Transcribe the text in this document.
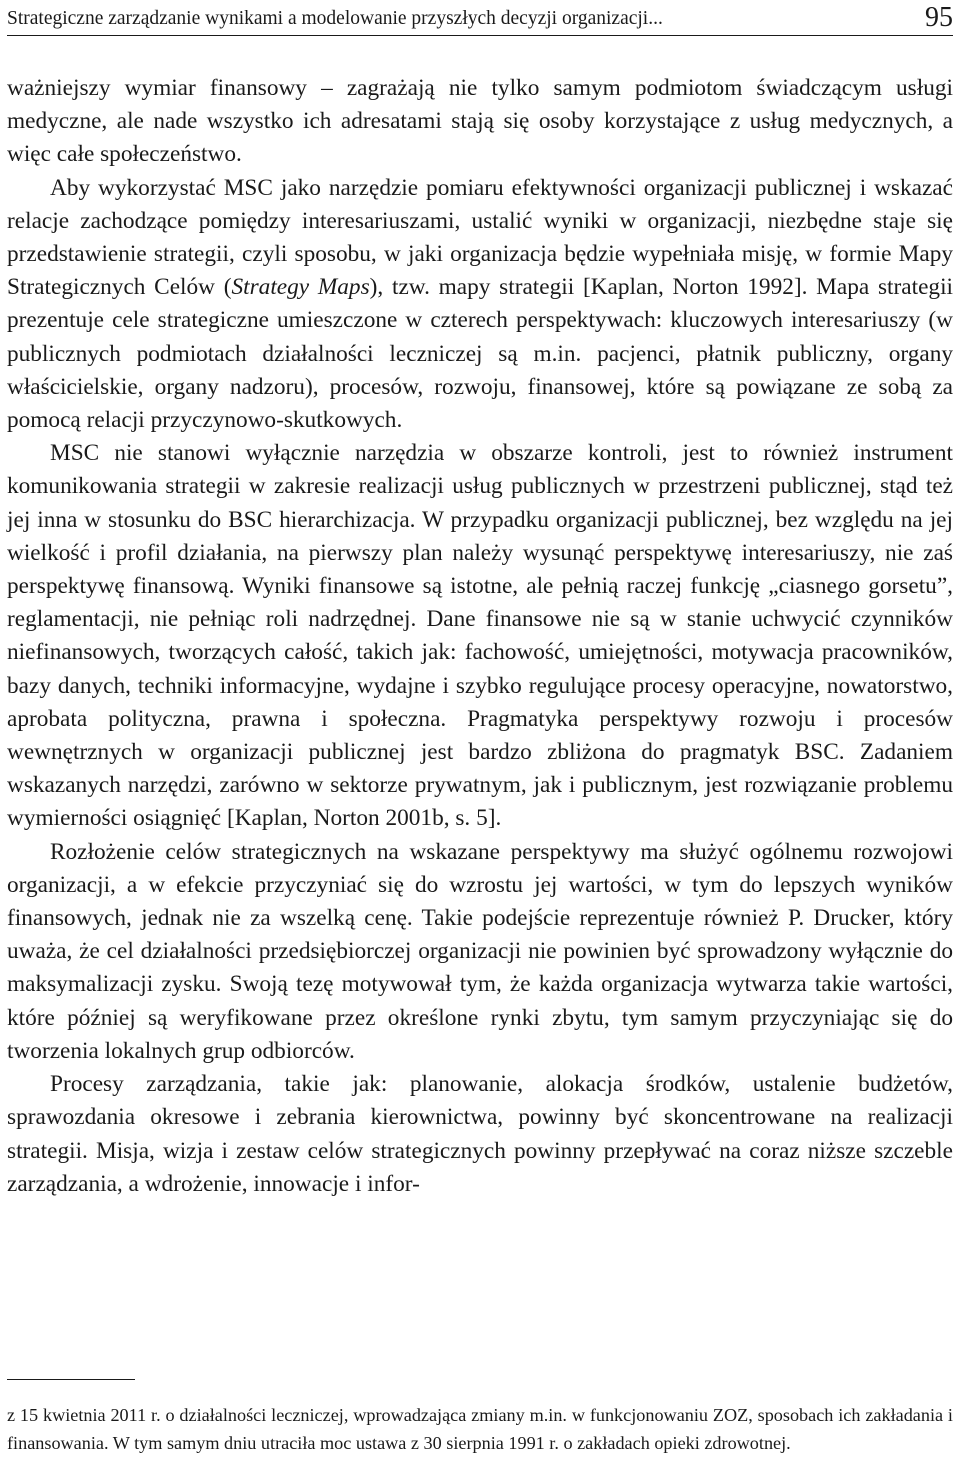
Strategiczne zarządzanie wynikami a modelowanie przyszłych decyzji organizacji...	95

ważniejszy wymiar finansowy – zagrażają nie tylko samym podmiotom świadczącym usługi medyczne, ale nade wszystko ich adresatami stają się osoby korzystające z usług medycznych, a więc całe społeczeństwo.

Aby wykorzystać MSC jako narzędzie pomiaru efektywności organizacji publicznej i wskazać relacje zachodzące pomiędzy interesariuszami, ustalić wyniki w organizacji, niezbędne staje się przedstawienie strategii, czyli sposobu, w jaki organizacja będzie wypełniała misję, w formie Mapy Strategicznych Celów (Strategy Maps), tzw. mapy strategii [Kaplan, Norton 1992]. Mapa strategii prezentuje cele strategiczne umieszczone w czterech perspektywach: kluczowych interesariuszy (w publicznych podmiotach działalności leczniczej są m.in. pacjenci, płatnik publiczny, organy właścicielskie, organy nadzoru), procesów, rozwoju, finansowej, które są powiązane ze sobą za pomocą relacji przyczynowo-skutkowych.

MSC nie stanowi wyłącznie narzędzia w obszarze kontroli, jest to również instrument komunikowania strategii w zakresie realizacji usług publicznych w przestrzeni publicznej, stąd też jej inna w stosunku do BSC hierarchizacja. W przypadku organizacji publicznej, bez względu na jej wielkość i profil działania, na pierwszy plan należy wysunąć perspektywę interesariuszy, nie zaś perspektywę finansową. Wyniki finansowe są istotne, ale pełnią raczej funkcję „ciasnego gorsetu”, reglamentacji, nie pełniąc roli nadrzędnej. Dane finansowe nie są w stanie uchwycić czynników niefinansowych, tworzących całość, takich jak: fachowość, umiejętności, motywacja pracowników, bazy danych, techniki informacyjne, wydajne i szybko regulujące procesy operacyjne, nowatorstwo, aprobata polityczna, prawna i społeczna. Pragmatyka perspektywy rozwoju i procesów wewnętrznych w organizacji publicznej jest bardzo zbliżona do pragmatyk BSC. Zadaniem wskazanych narzędzi, zarówno w sektorze prywatnym, jak i publicznym, jest rozwiązanie problemu wymierności osiągnięć [Kaplan, Norton 2001b, s. 5].

Rozłożenie celów strategicznych na wskazane perspektywy ma służyć ogólnemu rozwojowi organizacji, a w efekcie przyczyniać się do wzrostu jej wartości, w tym do lepszych wyników finansowych, jednak nie za wszelką cenę. Takie podejście reprezentuje również P. Drucker, który uważa, że cel działalności przedsiębiorczej organizacji nie powinien być sprowadzony wyłącznie do maksymalizacji zysku. Swoją tezę motywował tym, że każda organizacja wytwarza takie wartości, które później są weryfikowane przez określone rynki zbytu, tym samym przyczyniając się do tworzenia lokalnych grup odbiorców.

Procesy zarządzania, takie jak: planowanie, alokacja środków, ustalenie budżetów, sprawozdania okresowe i zebrania kierownictwa, powinny być skoncentrowane na realizacji strategii. Misja, wizja i zestaw celów strategicznych powinny przepływać na coraz niższe szczeble zarządzania, a wdrożenie, innowacje i infor-

z 15 kwietnia 2011 r. o działalności leczniczej, wprowadzająca zmiany m.in. w funkcjonowaniu ZOZ, sposobach ich zakładania i finansowania. W tym samym dniu utraciła moc ustawa z 30 sierpnia 1991 r. o zakładach opieki zdrowotnej.
